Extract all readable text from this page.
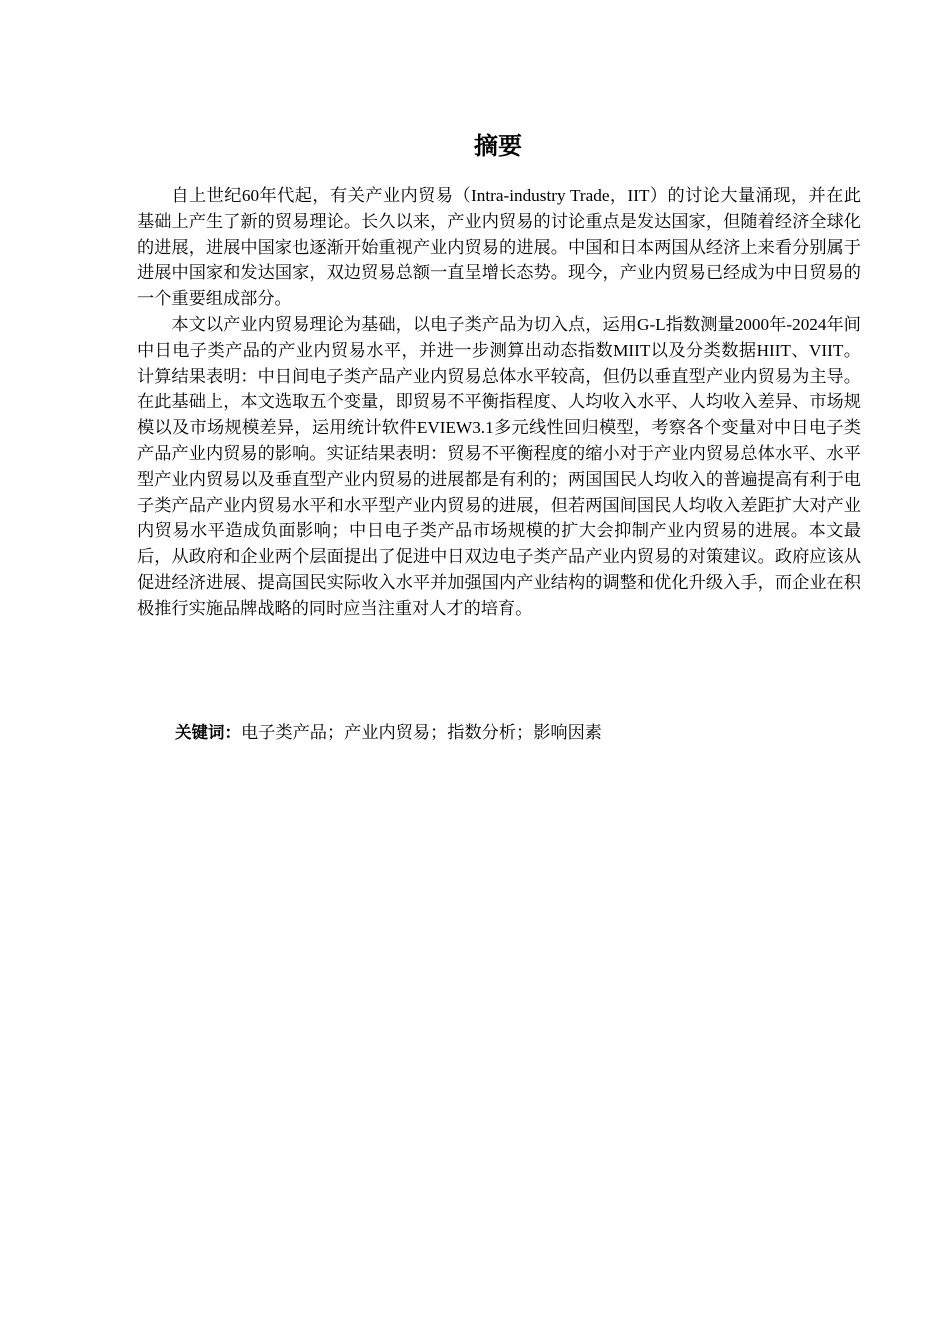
摘要

自上世纪60年代起，有关产业内贸易（Intra-industry Trade，IIT）的讨论大量涌现，并在此基础上产生了新的贸易理论。长久以来，产业内贸易的讨论重点是发达国家，但随着经济全球化的进展，进展中国家也逐渐开始重视产业内贸易的进展。中国和日本两国从经济上来看分别属于进展中国家和发达国家，双边贸易总额一直呈增长态势。现今，产业内贸易已经成为中日贸易的一个重要组成部分。

本文以产业内贸易理论为基础，以电子类产品为切入点，运用G-L指数测量2000年-2024年间中日电子类产品的产业内贸易水平，并进一步测算出动态指数MIIT以及分类数据HIIT、VIIT。计算结果表明：中日间电子类产品产业内贸易总体水平较高，但仍以垂直型产业内贸易为主导。在此基础上，本文选取五个变量，即贸易不平衡指程度、人均收入水平、人均收入差异、市场规模以及市场规模差异，运用统计软件EVIEW3.1多元线性回归模型，考察各个变量对中日电子类产品产业内贸易的影响。实证结果表明：贸易不平衡程度的缩小对于产业内贸易总体水平、水平型产业内贸易以及垂直型产业内贸易的进展都是有利的；两国国民人均收入的普遍提高有利于电子类产品产业内贸易水平和水平型产业内贸易的进展，但若两国间国民人均收入差距扩大对产业内贸易水平造成负面影响；中日电子类产品市场规模的扩大会抑制产业内贸易的进展。本文最后，从政府和企业两个层面提出了促进中日双边电子类产品产业内贸易的对策建议。政府应该从促进经济进展、提高国民实际收入水平并加强国内产业结构的调整和优化升级入手，而企业在积极推行实施品牌战略的同时应当注重对人才的培育。

关键词：电子类产品；产业内贸易；指数分析；影响因素
